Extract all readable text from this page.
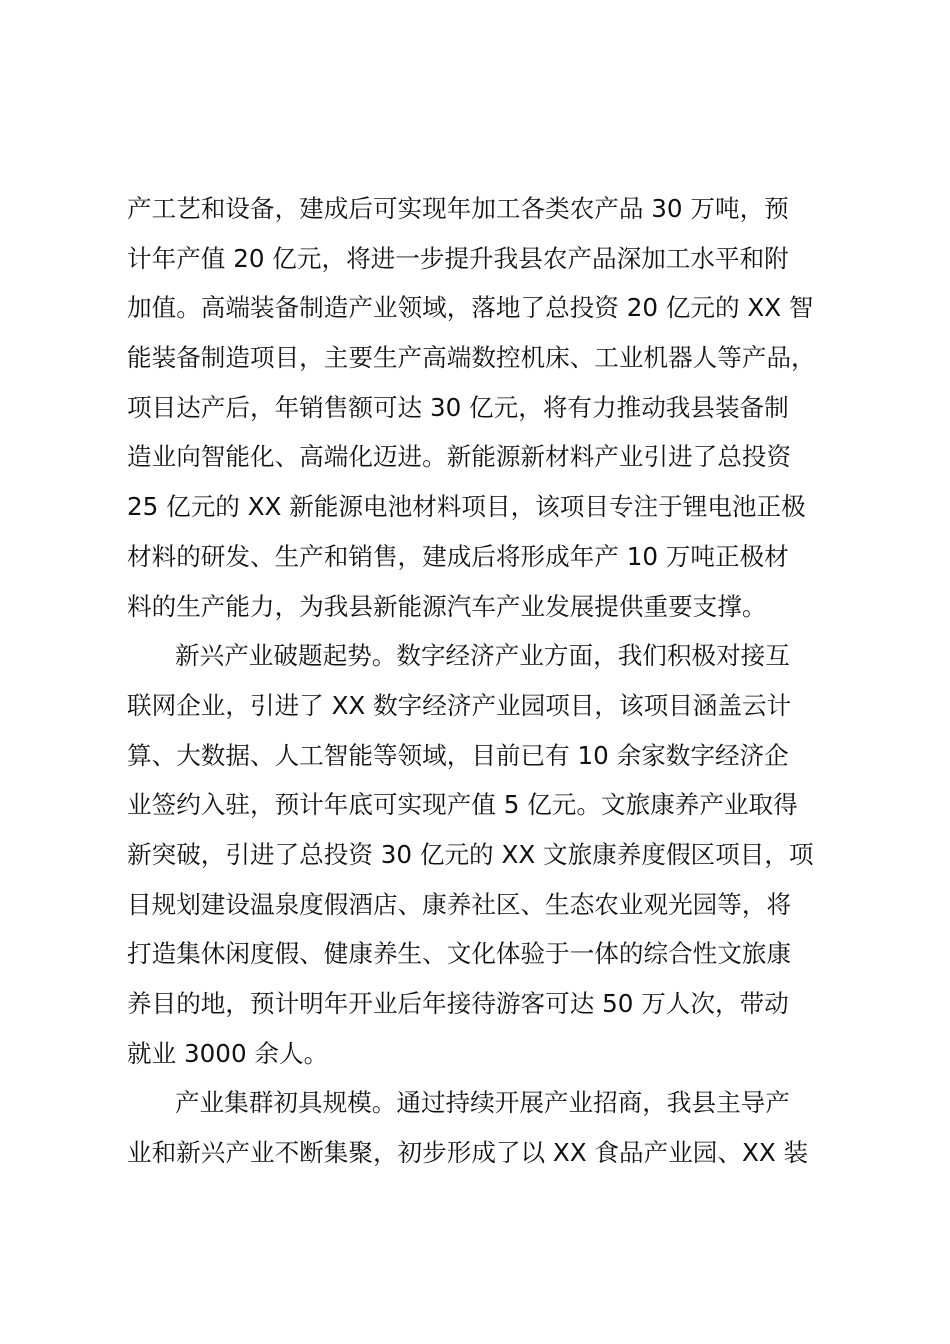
产工艺和设备，建成后可实现年加工各类农产品 30 万吨，预
计年产值 20 亿元，将进一步提升我县农产品深加工水平和附
加值。高端装备制造产业领域，落地了总投资 20 亿元的 XX 智
能装备制造项目，主要生产高端数控机床、工业机器人等产品，
项目达产后，年销售额可达 30 亿元，将有力推动我县装备制
造业向智能化、高端化迈进。新能源新材料产业引进了总投资
25 亿元的 XX 新能源电池材料项目，该项目专注于锂电池正极
材料的研发、生产和销售，建成后将形成年产 10 万吨正极材
料的生产能力，为我县新能源汽车产业发展提供重要支撑。
新兴产业破题起势。数字经济产业方面，我们积极对接互
联网企业，引进了 XX 数字经济产业园项目，该项目涵盖云计
算、大数据、人工智能等领域，目前已有 10 余家数字经济企
业签约入驻，预计年底可实现产值 5 亿元。文旅康养产业取得
新突破，引进了总投资 30 亿元的 XX 文旅康养度假区项目，项
目规划建设温泉度假酒店、康养社区、生态农业观光园等，将
打造集休闲度假、健康养生、文化体验于一体的综合性文旅康
养目的地，预计明年开业后年接待游客可达 50 万人次，带动
就业 3000 余人。
产业集群初具规模。通过持续开展产业招商，我县主导产
业和新兴产业不断集聚，初步形成了以 XX 食品产业园、XX 装
